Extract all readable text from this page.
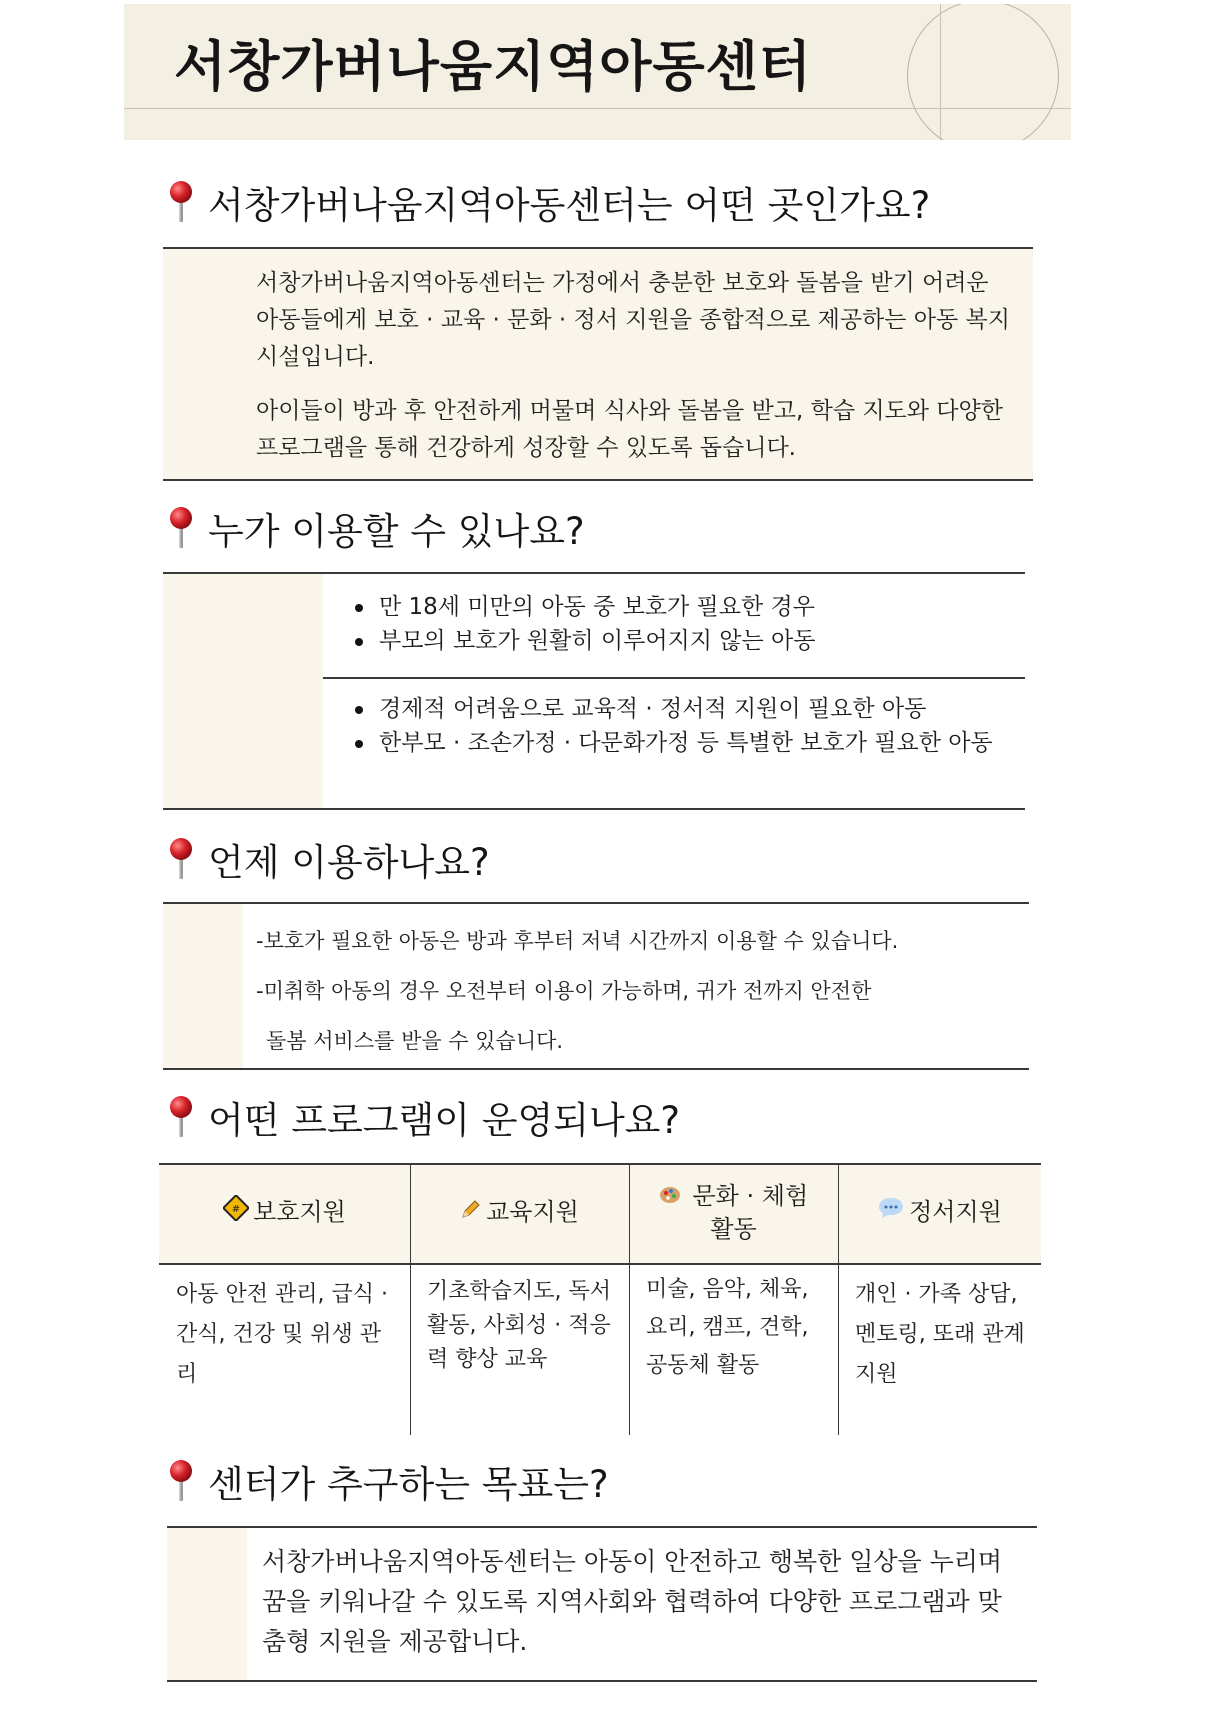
서창가버나움지역아동센터
서창가버나움지역아동센터는 어떤 곳인가요?

서창가버나움지역아동센터는 가정에서 충분한 보호와 돌봄을 받기 어려운 아동들에게 보호 · 교육 · 문화 · 정서 지원을 종합적으로 제공하는 아동 복지 시설입니다.

아이들이 방과 후 안전하게 머물며 식사와 돌봄을 받고, 학습 지도와 다양한 프로그램을 통해 건강하게 성장할 수 있도록 돕습니다.

누가 이용할 수 있나요?
만 18세 미만의 아동 중 보호가 필요한 경우
부모의 보호가 원활히 이루어지지 않는 아동
경제적 어려움으로 교육적 · 정서적 지원이 필요한 아동
한부모 · 조손가정 · 다문화가정 등 특별한 보호가 필요한 아동
언제 이용하나요?

-보호가 필요한 아동은 방과 후부터 저녁 시간까지 이용할 수 있습니다.

-미취학 아동의 경우 오전부터 이용이 가능하며, 귀가 전까지 안전한

돌봄 서비스를 받을 수 있습니다.

어떤 프로그램이 운영되나요?
# 보호지원	교육지원
문화 · 체험 활동
정서지원
아동 안전 관리, 급식 · 간식, 건강 및 위생 관리
기초학습지도, 독서 활동, 사회성 · 적응력 향상 교육
미술, 음악, 체육, 요리, 캠프, 견학, 공동체 활동
개인 · 가족 상담, 멘토링, 또래 관계 지원
센터가 추구하는 목표는?

서창가버나움지역아동센터는 아동이 안전하고 행복한 일상을 누리며 꿈을 키워나갈 수 있도록 지역사회와 협력하여 다양한 프로그램과 맞춤형 지원을 제공합니다.
